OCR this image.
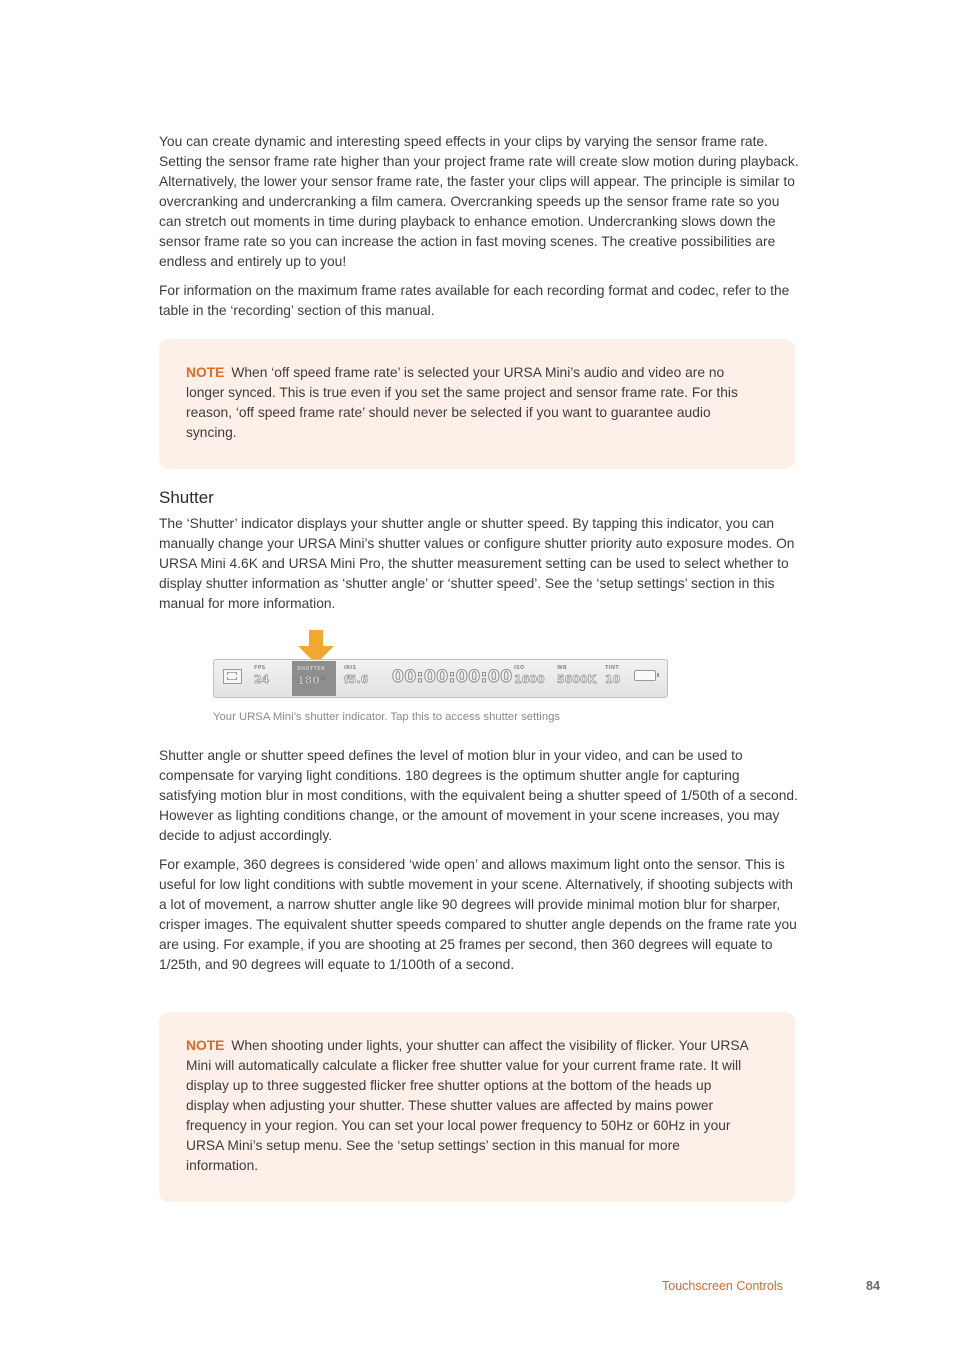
You can create dynamic and interesting speed effects in your clips by varying the sensor frame rate. Setting the sensor frame rate higher than your project frame rate will create slow motion during playback. Alternatively, the lower your sensor frame rate, the faster your clips will appear. The principle is similar to overcranking and undercranking a film camera. Overcranking speeds up the sensor frame rate so you can stretch out moments in time during playback to enhance emotion. Undercranking slows down the sensor frame rate so you can increase the action in fast moving scenes. The creative possibilities are endless and entirely up to you!

For information on the maximum frame rates available for each recording format and codec, refer to the table in the ‘recording’ section of this manual.

NOTE When ‘off speed frame rate’ is selected your URSA Mini’s audio and video are no longer synced. This is true even if you set the same project and sensor frame rate. For this reason, ‘off speed frame rate’ should never be selected if you want to guarantee audio syncing.

Shutter

The ‘Shutter’ indicator displays your shutter angle or shutter speed. By tapping this indicator, you can manually change your URSA Mini’s shutter values or configure shutter priority auto exposure modes. On URSA Mini 4.6K and URSA Mini Pro, the shutter measurement setting can be used to select whether to display shutter information as ‘shutter angle’ or ‘shutter speed’. See the ‘setup settings’ section in this manual for more information.

FPS
24
SHUTTER
180°
IRIS
f5.6 00:00:00:00 ISO
1600
WB
5600K
TINT
10

Your URSA Mini’s shutter indicator. Tap this to access shutter settings

Shutter angle or shutter speed defines the level of motion blur in your video, and can be used to compensate for varying light conditions. 180 degrees is the optimum shutter angle for capturing satisfying motion blur in most conditions, with the equivalent being a shutter speed of 1/50th of a second. However as lighting conditions change, or the amount of movement in your scene increases, you may decide to adjust accordingly.

For example, 360 degrees is considered ‘wide open’ and allows maximum light onto the sensor. This is useful for low light conditions with subtle movement in your scene. Alternatively, if shooting subjects with a lot of movement, a narrow shutter angle like 90 degrees will provide minimal motion blur for sharper, crisper images. The equivalent shutter speeds compared to shutter angle depends on the frame rate you are using. For example, if you are shooting at 25 frames per second, then 360 degrees will equate to 1/25th, and 90 degrees will equate to 1/100th of a second.

NOTE When shooting under lights, your shutter can affect the visibility of flicker. Your URSA Mini will automatically calculate a flicker free shutter value for your current frame rate. It will display up to three suggested flicker free shutter options at the bottom of the heads up display when adjusting your shutter. These shutter values are affected by mains power frequency in your region. You can set your local power frequency to 50Hz or 60Hz in your URSA Mini’s setup menu. See the ‘setup settings’ section in this manual for more information.

Touchscreen Controls	84
